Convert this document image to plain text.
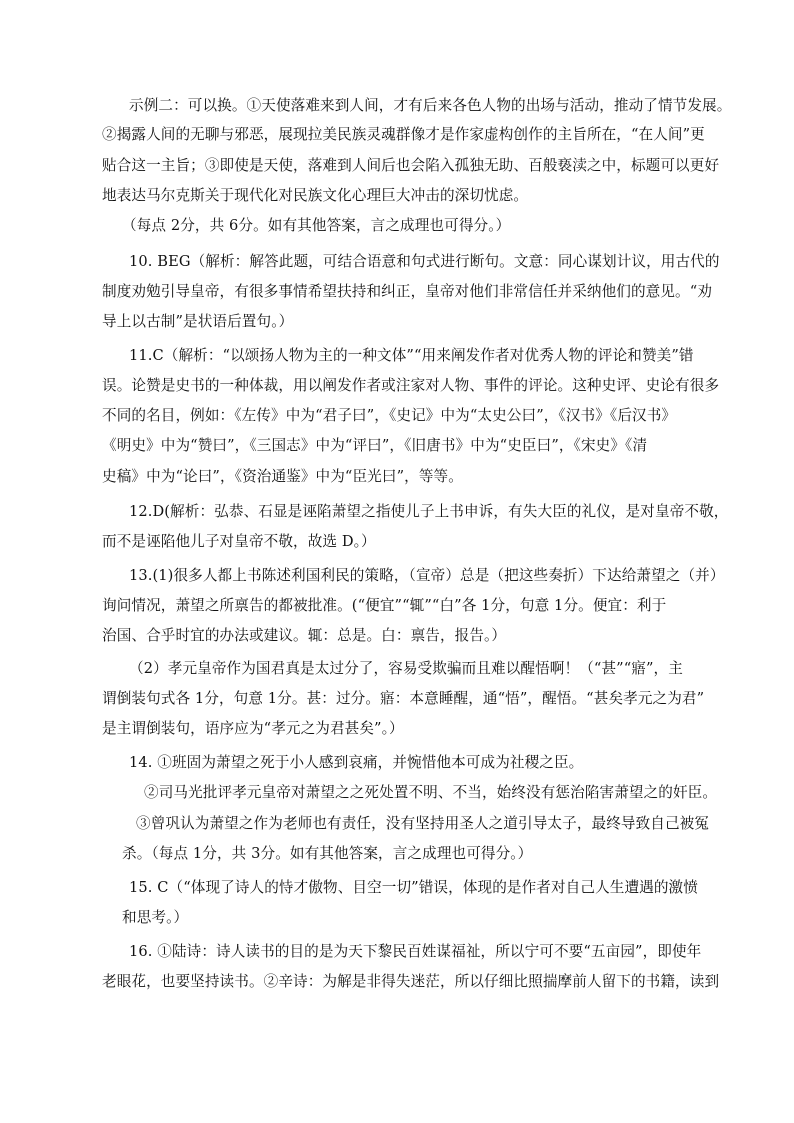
示例二：可以换。①天使落难来到人间，才有后来各色人物的出场与活动，推动了情节发展。
②揭露人间的无聊与邪恶，展现拉美民族灵魂群像才是作家虚构创作的主旨所在，“在人间”更
贴合这一主旨；③即使是天使，落难到人间后也会陷入孤独无助、百般亵渎之中，标题可以更好
地表达马尔克斯关于现代化对民族文化心理巨大冲击的深切忧虑。
（每点 2分，共 6分。如有其他答案，言之成理也可得分。）
10. BEG（解析：解答此题，可结合语意和句式进行断句。文意：同心谋划计议，用古代的
制度劝勉引导皇帝，有很多事情希望扶持和纠正，皇帝对他们非常信任并采纳他们的意见。“劝
导上以古制”是状语后置句。）
11.C（解析：“以颂扬人物为主的一种文体”“用来阐发作者对优秀人物的评论和赞美”错
误。论赞是史书的一种体裁，用以阐发作者或注家对人物、事件的评论。这种史评、史论有很多
不同的名目，例如：《左传》中为“君子曰”，《史记》中为“太史公曰”，《汉书》《后汉书》
《明史》中为“赞曰”，《三国志》中为“评曰”，《旧唐书》中为“史臣曰”，《宋史》《清
史稿》中为“论曰”，《资治通鉴》中为“臣光曰”，等等。
12.D(解析：弘恭、石显是诬陷萧望之指使儿子上书申诉，有失大臣的礼仪，是对皇帝不敬，
而不是诬陷他儿子对皇帝不敬，故选 D。）
13.(1)很多人都上书陈述利国利民的策略，（宣帝）总是（把这些奏折）下达给萧望之（并）
询问情况，萧望之所禀告的都被批准。(“便宜”“辄”“白”各 1分，句意 1分。便宜：利于
治国、合乎时宜的办法或建议。辄：总是。白：禀告，报告。）
（2）孝元皇帝作为国君真是太过分了，容易受欺骗而且难以醒悟啊！（“甚”“寤”，主
谓倒装句式各 1分，句意 1分。甚：过分。寤：本意睡醒，通“悟”，醒悟。“甚矣孝元之为君”
是主谓倒装句，语序应为“孝元之为君甚矣”。）
14. ①班固为萧望之死于小人感到哀痛，并惋惜他本可成为社稷之臣。
②司马光批评孝元皇帝对萧望之之死处置不明、不当，始终没有惩治陷害萧望之的奸臣。
③曾巩认为萧望之作为老师也有责任，没有坚持用圣人之道引导太子，最终导致自己被冤
杀。（每点 1分，共 3分。如有其他答案，言之成理也可得分。）
15. C（“体现了诗人的恃才傲物、目空一切”错误，体现的是作者对自己人生遭遇的激愤
和思考。）
16. ①陆诗：诗人读书的目的是为天下黎民百姓谋福祉，所以宁可不要“五亩园”，即使年
老眼花，也要坚持读书。②辛诗：为解是非得失迷茫，所以仔细比照揣摩前人留下的书籍，读到
